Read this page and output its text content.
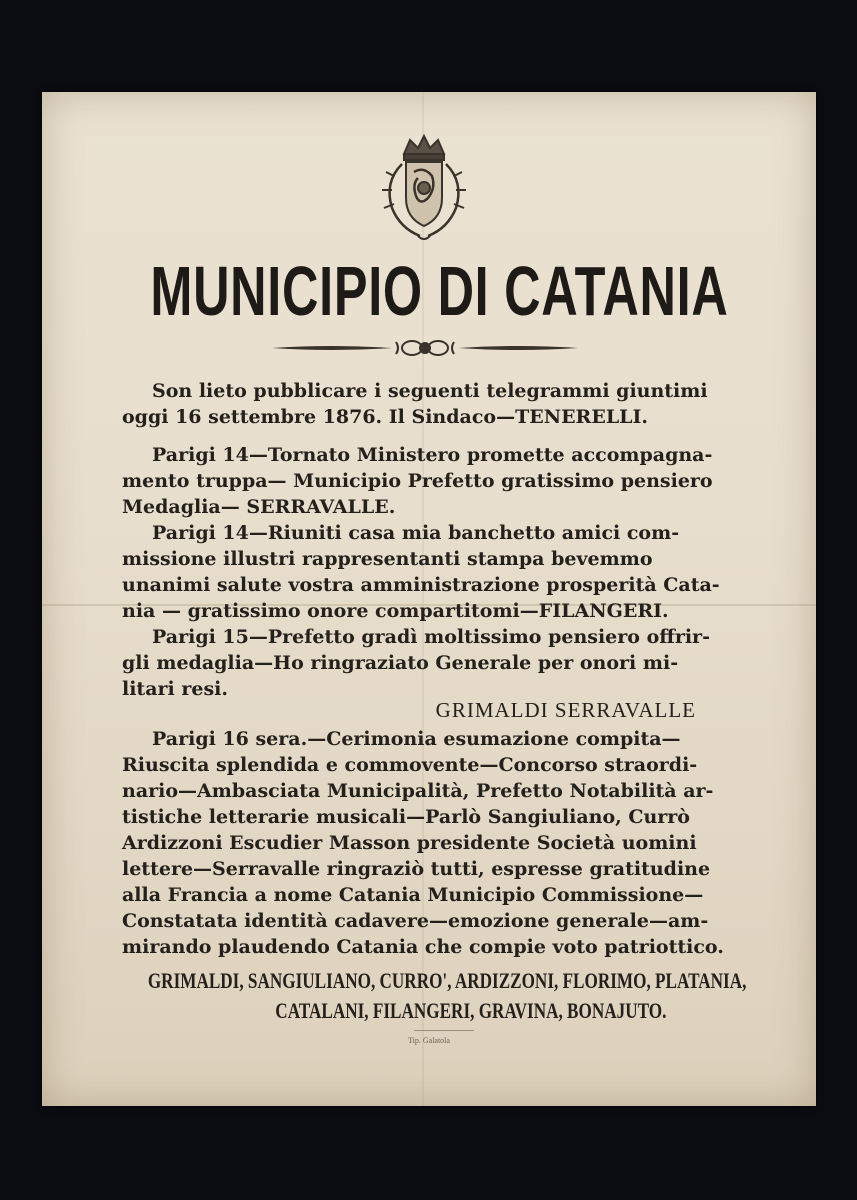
MUNICIPIO DI CATANIA
Son lieto pubblicare i seguenti telegrammi giuntimi
oggi 16 settembre 1876. Il Sindaco—TENERELLI.
Parigi 14—Tornato Ministero promette accompagna-
mento truppa— Municipio Prefetto gratissimo pensiero
Medaglia— SERRAVALLE.
Parigi 14—Riuniti casa mia banchetto amici com-
missione illustri rappresentanti stampa bevemmo
unanimi salute vostra amministrazione prosperità Cata-
nia — gratissimo onore compartitomi—FILANGERI.
Parigi 15—Prefetto gradì moltissimo pensiero offrir-
gli medaglia—Ho ringraziato Generale per onori mi-
litari resi.
GRIMALDI SERRAVALLE
Parigi 16 sera.—Cerimonia esumazione compita—
Riuscita splendida e commovente—Concorso straordi-
nario—Ambasciata Municipalità, Prefetto Notabilità ar-
tistiche letterarie musicali—Parlò Sangiuliano, Currò
Ardizzoni Escudier Masson presidente Società uomini
lettere—Serravalle ringraziò tutti, espresse gratitudine
alla Francia a nome Catania Municipio Commissione—
Constatata identità cadavere—emozione generale—am-
mirando plaudendo Catania che compie voto patriottico.
GRIMALDI, SANGIULIANO, CURRO', ARDIZZONI, FLORIMO, PLATANIA,
CATALANI, FILANGERI, GRAVINA, BONAJUTO.
Tip. Galatola
